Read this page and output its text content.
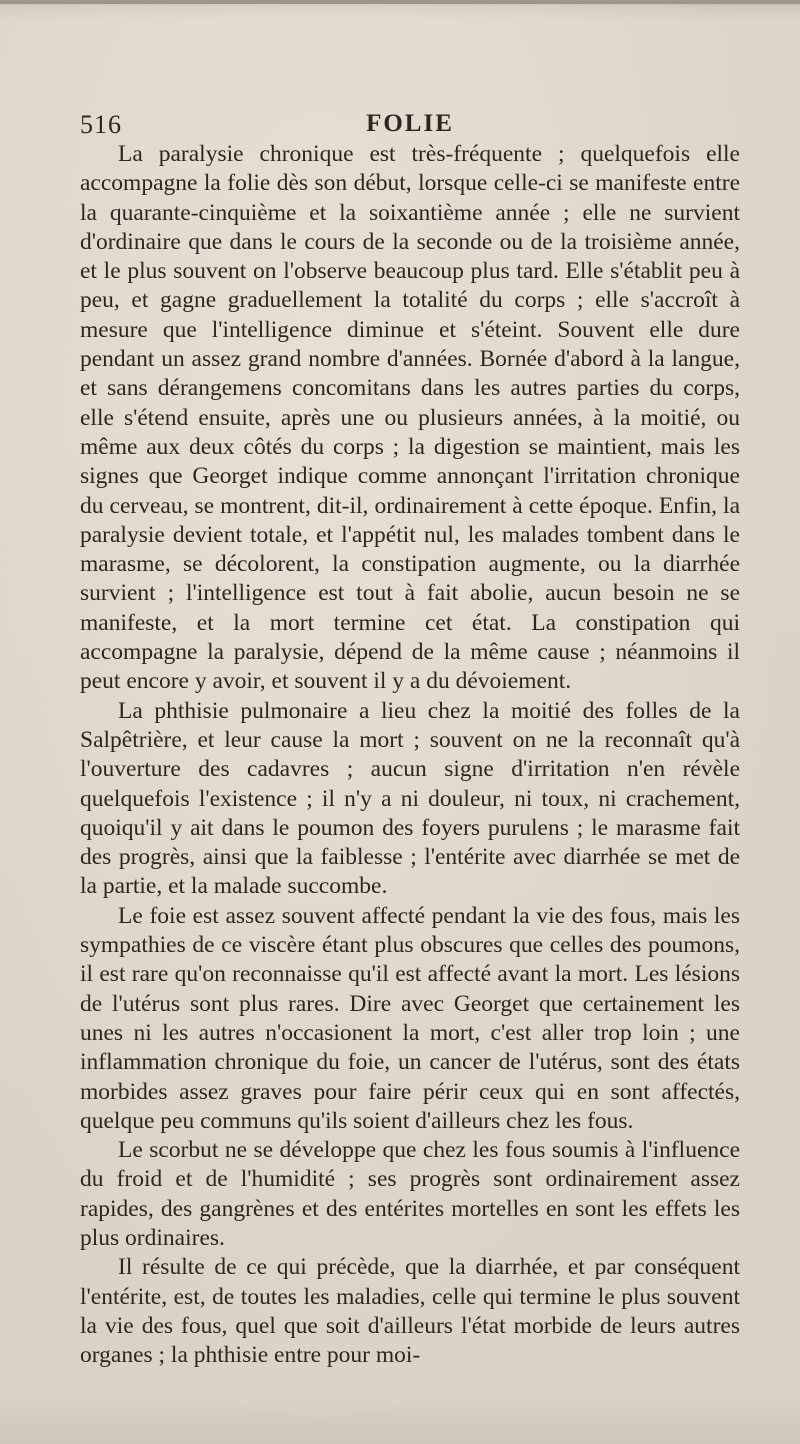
516	FOLIE

La paralysie chronique est très-fréquente ; quelquefois elle accompagne la folie dès son début, lorsque celle-ci se manifeste entre la quarante-cinquième et la soixantième année ; elle ne survient d'ordinaire que dans le cours de la seconde ou de la troisième année, et le plus souvent on l'observe beaucoup plus tard. Elle s'établit peu à peu, et gagne graduellement la totalité du corps ; elle s'accroît à mesure que l'intelligence diminue et s'éteint. Souvent elle dure pendant un assez grand nombre d'années. Bornée d'abord à la langue, et sans dérangemens concomitans dans les autres parties du corps, elle s'étend ensuite, après une ou plusieurs années, à la moitié, ou même aux deux côtés du corps ; la digestion se maintient, mais les signes que Georget indique comme annonçant l'irritation chronique du cerveau, se montrent, dit-il, ordinairement à cette époque. Enfin, la paralysie devient totale, et l'appétit nul, les malades tombent dans le marasme, se décolorent, la constipation augmente, ou la diarrhée survient ; l'intelligence est tout à fait abolie, aucun besoin ne se manifeste, et la mort termine cet état. La constipation qui accompagne la paralysie, dépend de la même cause ; néanmoins il peut encore y avoir, et souvent il y a du dévoiement.

La phthisie pulmonaire a lieu chez la moitié des folles de la Salpêtrière, et leur cause la mort ; souvent on ne la reconnaît qu'à l'ouverture des cadavres ; aucun signe d'irritation n'en révèle quelquefois l'existence ; il n'y a ni douleur, ni toux, ni crachement, quoiqu'il y ait dans le poumon des foyers purulens ; le marasme fait des progrès, ainsi que la faiblesse ; l'entérite avec diarrhée se met de la partie, et la malade succombe.

Le foie est assez souvent affecté pendant la vie des fous, mais les sympathies de ce viscère étant plus obscures que celles des poumons, il est rare qu'on reconnaisse qu'il est affecté avant la mort. Les lésions de l'utérus sont plus rares. Dire avec Georget que certainement les unes ni les autres n'occasionent la mort, c'est aller trop loin ; une inflammation chronique du foie, un cancer de l'utérus, sont des états morbides assez graves pour faire périr ceux qui en sont affectés, quelque peu communs qu'ils soient d'ailleurs chez les fous.

Le scorbut ne se développe que chez les fous soumis à l'influence du froid et de l'humidité ; ses progrès sont ordinairement assez rapides, des gangrènes et des entérites mortelles en sont les effets les plus ordinaires.

Il résulte de ce qui précède, que la diarrhée, et par conséquent l'entérite, est, de toutes les maladies, celle qui termine le plus souvent la vie des fous, quel que soit d'ailleurs l'état morbide de leurs autres organes ; la phthisie entre pour moi-
